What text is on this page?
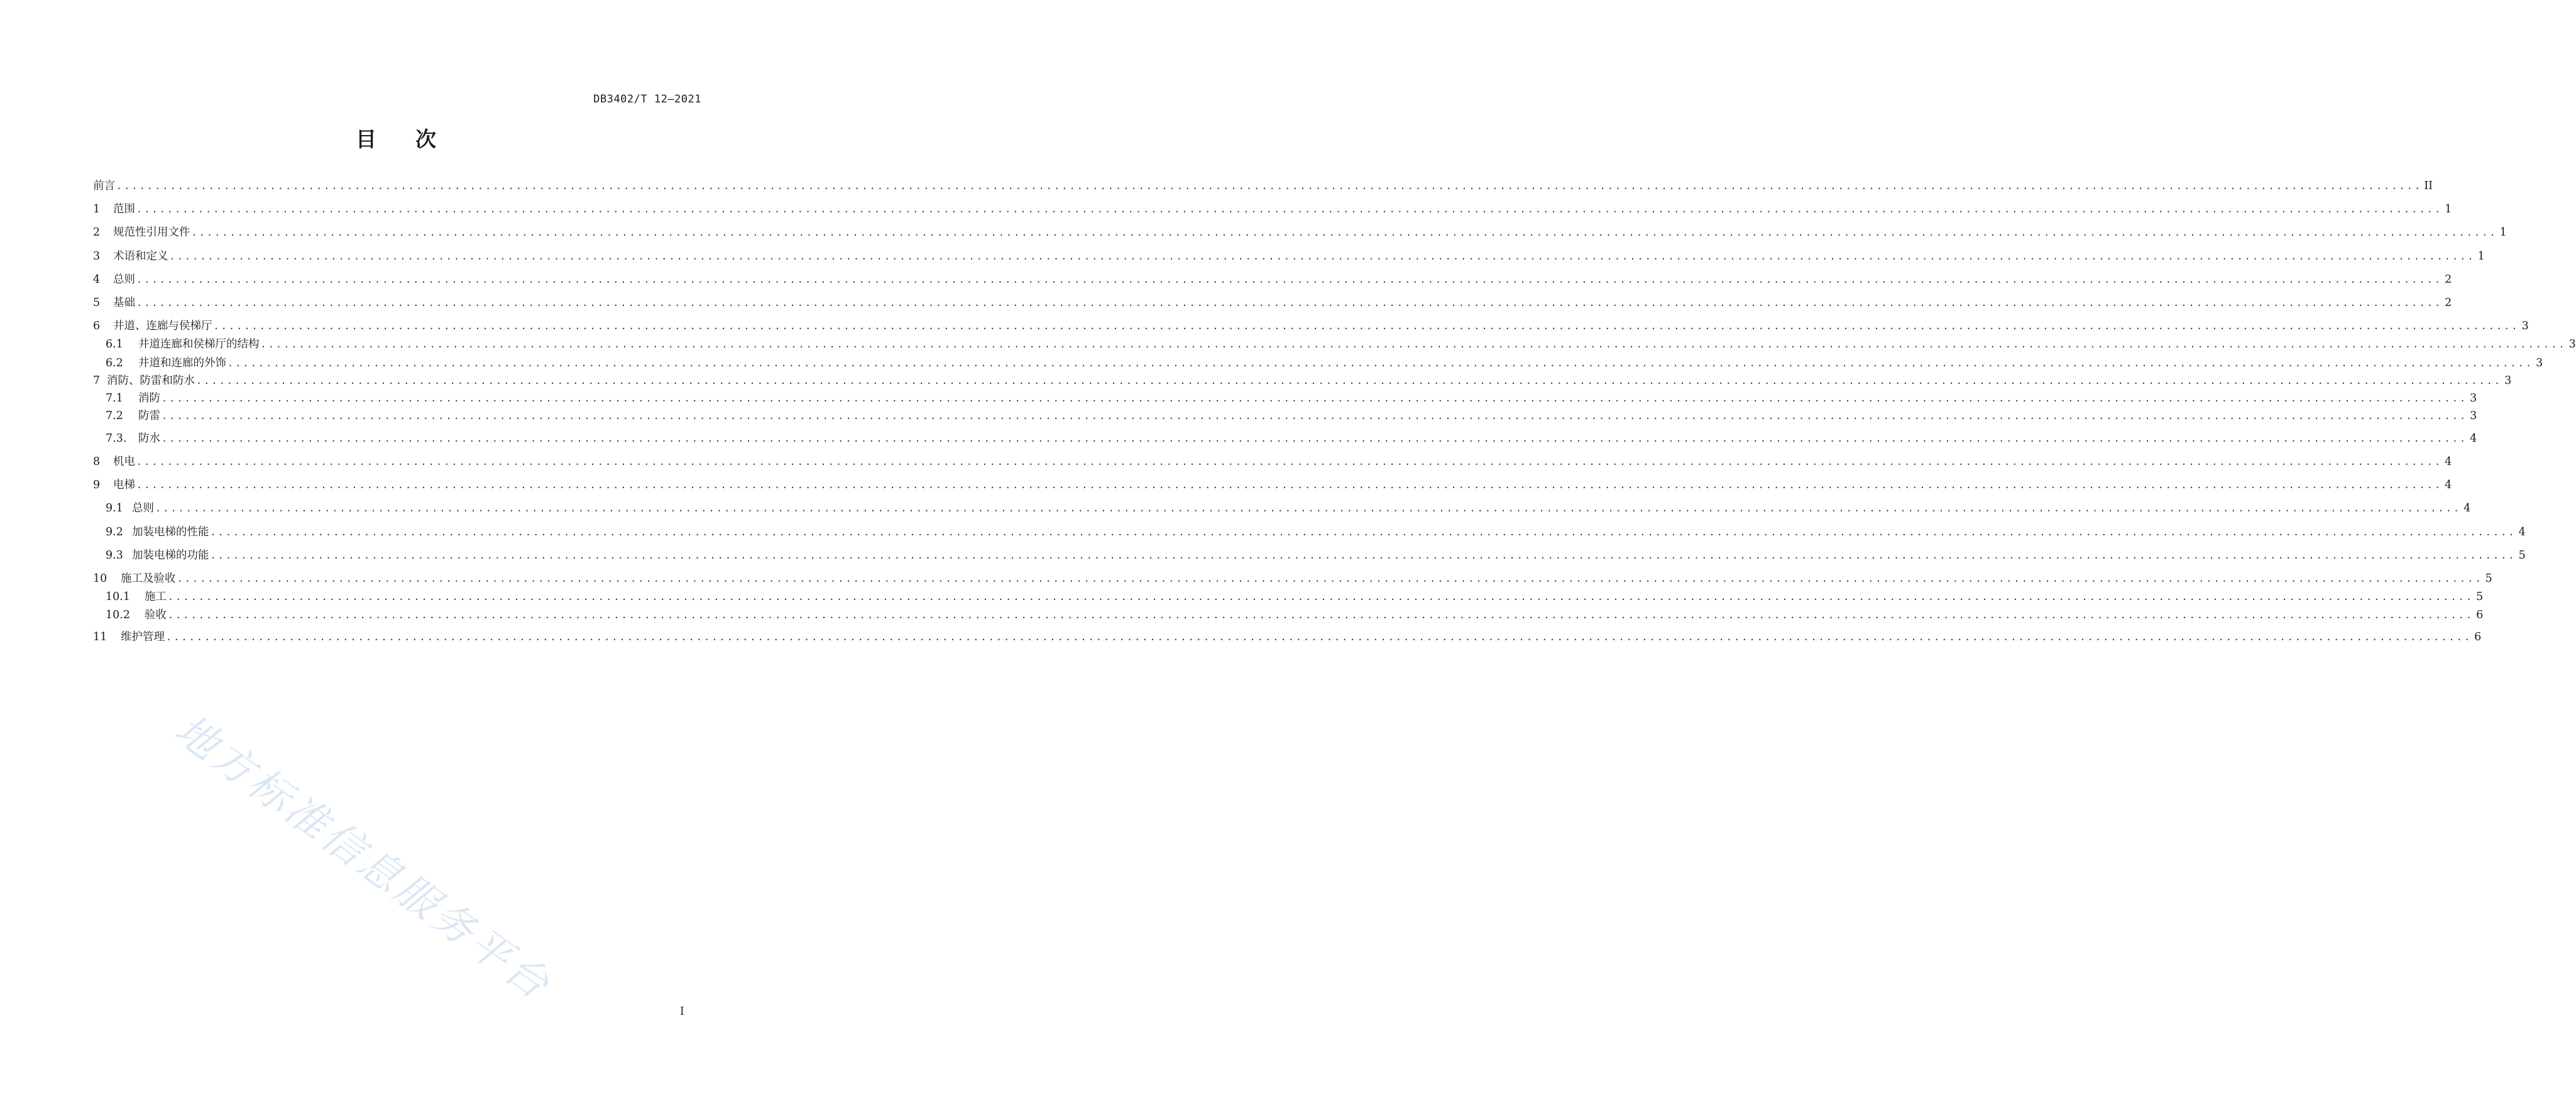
DB3402/T 12—2021
目 次
前言 ............................................................................................................................................................................................................................................................................................................ II
1	范围 ............................................................................................................................................................................................................................................................................................................ 1
2	规范性引用文件 ............................................................................................................................................................................................................................................................................................................ 1
3	术语和定义 ............................................................................................................................................................................................................................................................................................................ 1
4	总则 ............................................................................................................................................................................................................................................................................................................ 2
5	基础 ............................................................................................................................................................................................................................................................................................................ 2
6	井道、连廊与侯梯厅 ............................................................................................................................................................................................................................................................................................................ 3
6.1	井道连廊和侯梯厅的结构 ............................................................................................................................................................................................................................................................................................................ 3
6.2	井道和连廊的外饰 ............................................................................................................................................................................................................................................................................................................ 3
7 消防、防雷和防水 ............................................................................................................................................................................................................................................................................................................ 3
7.1	消防 ............................................................................................................................................................................................................................................................................................................ 3
7.2	防雷 ............................................................................................................................................................................................................................................................................................................ 3
7.3.	防水 ............................................................................................................................................................................................................................................................................................................ 4
8	机电 ............................................................................................................................................................................................................................................................................................................ 4
9	电梯 ............................................................................................................................................................................................................................................................................................................ 4
9.1 总则 ............................................................................................................................................................................................................................................................................................................ 4
9.2 加装电梯的性能 ............................................................................................................................................................................................................................................................................................................ 4
9.3 加装电梯的功能 ............................................................................................................................................................................................................................................................................................................ 5
10	施工及验收 ............................................................................................................................................................................................................................................................................................................ 5
10.1	施工 ............................................................................................................................................................................................................................................................................................................ 5
10.2	验收 ............................................................................................................................................................................................................................................................................................................ 6
11	维护管理 ............................................................................................................................................................................................................................................................................................................ 6
地方标准信息服务平台
I
